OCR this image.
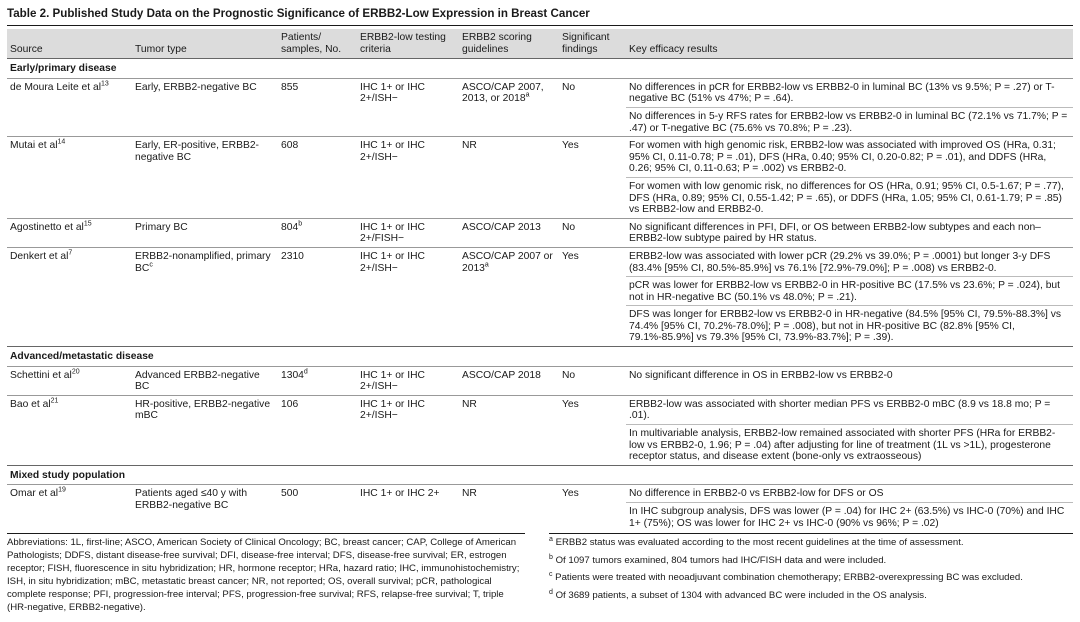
Table 2. Published Study Data on the Prognostic Significance of ERBB2-Low Expression in Breast Cancer
Source	Tumor type	Patients/ samples, No.	ERBB2-low testing criteria	ERBB2 scoring guidelines	Significant findings	Key efficacy results
Early/primary disease						
de Moura Leite et $al^{13}$	Early, ERBB2-negative BC	855	IHC 1+ or IHC 2+/ISH−	ASCO/CAP 2007, 2013, or 2018$^a$	No	No differences in pCR for ERBB2-low vs ERBB2-0 in luminal BC (13% vs 9.5%; P = .27) or T-negative BC (51% vs 47%; P = .64).
						No differences in 5-y RFS rates for ERBB2-low vs ERBB2-0 in luminal BC (72.1% vs 71.7%; P = .47) or T-negative BC (75.6% vs 70.8%; P = .23).
Mutai et $al^{14}$	Early, ER-positive, ERBB2-negative BC	608	IHC 1+ or IHC 2+/ISH−	NR	Yes	For women with high genomic risk, ERBB2-low was associated with improved OS (HRa, 0.31; 95% CI, 0.11-0.78; P = .01), DFS (HRa, 0.40; 95% CI, 0.20-0.82; P = .01), and DDFS (HRa, 0.26; 95% CI, 0.11-0.63; P = .002) vs ERBB2-0.
						For women with low genomic risk, no differences for OS (HRa, 0.91; 95% CI, 0.5-1.67; P = .77), DFS (HRa, 0.89; 95% CI, 0.55-1.42; P = .65), or DDFS (HRa, 1.05; 95% CI, 0.61-1.79; P = .85) vs ERBB2-low and ERBB2-0.
Agostinetto et $al^{15}$	Primary BC	804$^b$	IHC 1+ or IHC 2+/FISH−	ASCO/CAP 2013	No	No significant differences in PFI, DFI, or OS between ERBB2-low subtypes and each non–ERBB2-low subtype paired by HR status.
Denkert et $al^7$	ERBB2-nonamplified, primary $BC^c$	2310	IHC 1+ or IHC 2+/ISH−	ASCO/CAP 2007 or 2013$^a$	Yes	ERBB2-low was associated with lower pCR (29.2% vs 39.0%; P = .0001) but longer 3-y DFS (83.4% [95% CI, 80.5%-85.9%] vs 76.1% [72.9%-79.0%]; P = .008) vs ERBB2-0.
						pCR was lower for ERBB2-low vs ERBB2-0 in HR-positive BC (17.5% vs 23.6%; P = .024), but not in HR-negative BC (50.1% vs 48.0%; P = .21).
						DFS was longer for ERBB2-low vs ERBB2-0 in HR-negative (84.5% [95% CI, 79.5%-88.3%] vs 74.4% [95% CI, 70.2%-78.0%]; P = .008), but not in HR-positive BC (82.8% [95% CI, 79.1%-85.9%] vs 79.3% [95% CI, 73.9%-83.7%]; P = .39).
Advanced/metastatic disease						
Schettini et $al^{20}$	Advanced ERBB2-negative BC	1304$^d$	IHC 1+ or IHC 2+/ISH−	ASCO/CAP 2018	No	No significant difference in OS in ERBB2-low vs ERBB2-0
Bao et $al^{21}$	HR-positive, ERBB2-negative mBC	106	IHC 1+ or IHC 2+/ISH−	NR	Yes	ERBB2-low was associated with shorter median PFS vs ERBB2-0 mBC (8.9 vs 18.8 mo; P = .01).
						In multivariable analysis, ERBB2-low remained associated with shorter PFS (HRa for ERBB2-low vs ERBB2-0, 1.96; P = .04) after adjusting for line of treatment (1L vs >1L), progesterone receptor status, and disease extent (bone-only vs extraosseous)
Mixed study population						
Omar et $al^{19}$	Patients aged ≤40 y with ERBB2-negative BC	500	IHC 1+ or IHC 2+	NR	Yes	No difference in ERBB2-0 vs ERBB2-low for DFS or OS
						In IHC subgroup analysis, DFS was lower (P = .04) for IHC 2+ (63.5%) vs IHC-0 (70%) and IHC 1+ (75%); OS was lower for IHC 2+ vs IHC-0 (90% vs 96%; P = .02)
Abbreviations: 1L, first-line; ASCO, American Society of Clinical Oncology; BC, breast cancer; CAP, College of American Pathologists; DDFS, distant disease-free survival; DFI, disease-free interval; DFS, disease-free survival; ER, estrogen receptor; FISH, fluorescence in situ hybridization; HR, hormone receptor; HRa, hazard ratio; IHC, immunohistochemistry; ISH, in situ hybridization; mBC, metastatic breast cancer; NR, not reported; OS, overall survival; pCR, pathological complete response; PFI, progression-free interval; PFS, progression-free survival; RFS, relapse-free survival; T, triple (HR-negative, ERBB2-negative).
$^a$ ERBB2 status was evaluated according to the most recent guidelines at the time of assessment.
$^b$ Of 1097 tumors examined, 804 tumors had IHC/FISH data and were included.
$^c$ Patients were treated with neoadjuvant combination chemotherapy; ERBB2-overexpressing BC was excluded.
$^d$ Of 3689 patients, a subset of 1304 with advanced BC were included in the OS analysis.
